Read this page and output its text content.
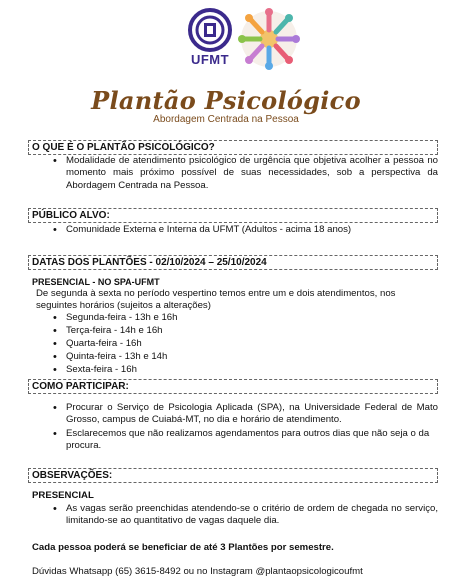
UFMT
Plantão Psicológico
Abordagem Centrada na Pessoa
O QUE É O PLANTÃO PSICOLÓGICO?
• Modalidade de atendimento psicológico de urgência que objetiva acolher a pessoa no momento mais próximo possível de suas necessidades, sob a perspectiva da Abordagem Centrada na Pessoa.
PÚBLICO ALVO:
• Comunidade Externa e Interna da UFMT (Adultos - acima 18 anos)
DATAS DOS PLANTÕES - 02/10/2024 – 25/10/2024
PRESENCIAL - NO SPA-UFMT
De segunda à sexta no período vespertino temos entre um e dois atendimentos, nos seguintes horários (sujeitos a alterações)
• Segunda-feira - 13h e 16h
• Terça-feira - 14h e 16h
• Quarta-feira - 16h
• Quinta-feira - 13h e 14h
• Sexta-feira - 16h
COMO PARTICIPAR:
• Procurar o Serviço de Psicologia Aplicada (SPA), na Universidade Federal de Mato Grosso, campus de Cuiabá-MT, no dia e horário de atendimento.
• Esclarecemos que não realizamos agendamentos para outros dias que não seja o da procura.
OBSERVAÇÕES:
PRESENCIAL
• As vagas serão preenchidas atendendo-se o critério de ordem de chegada no serviço, limitando-se ao quantitativo de vagas daquele dia.
Cada pessoa poderá se beneficiar de até 3 Plantões por semestre.
Dúvidas Whatsapp (65) 3615-8492 ou no Instagram @plantaopsicologicoufmt
